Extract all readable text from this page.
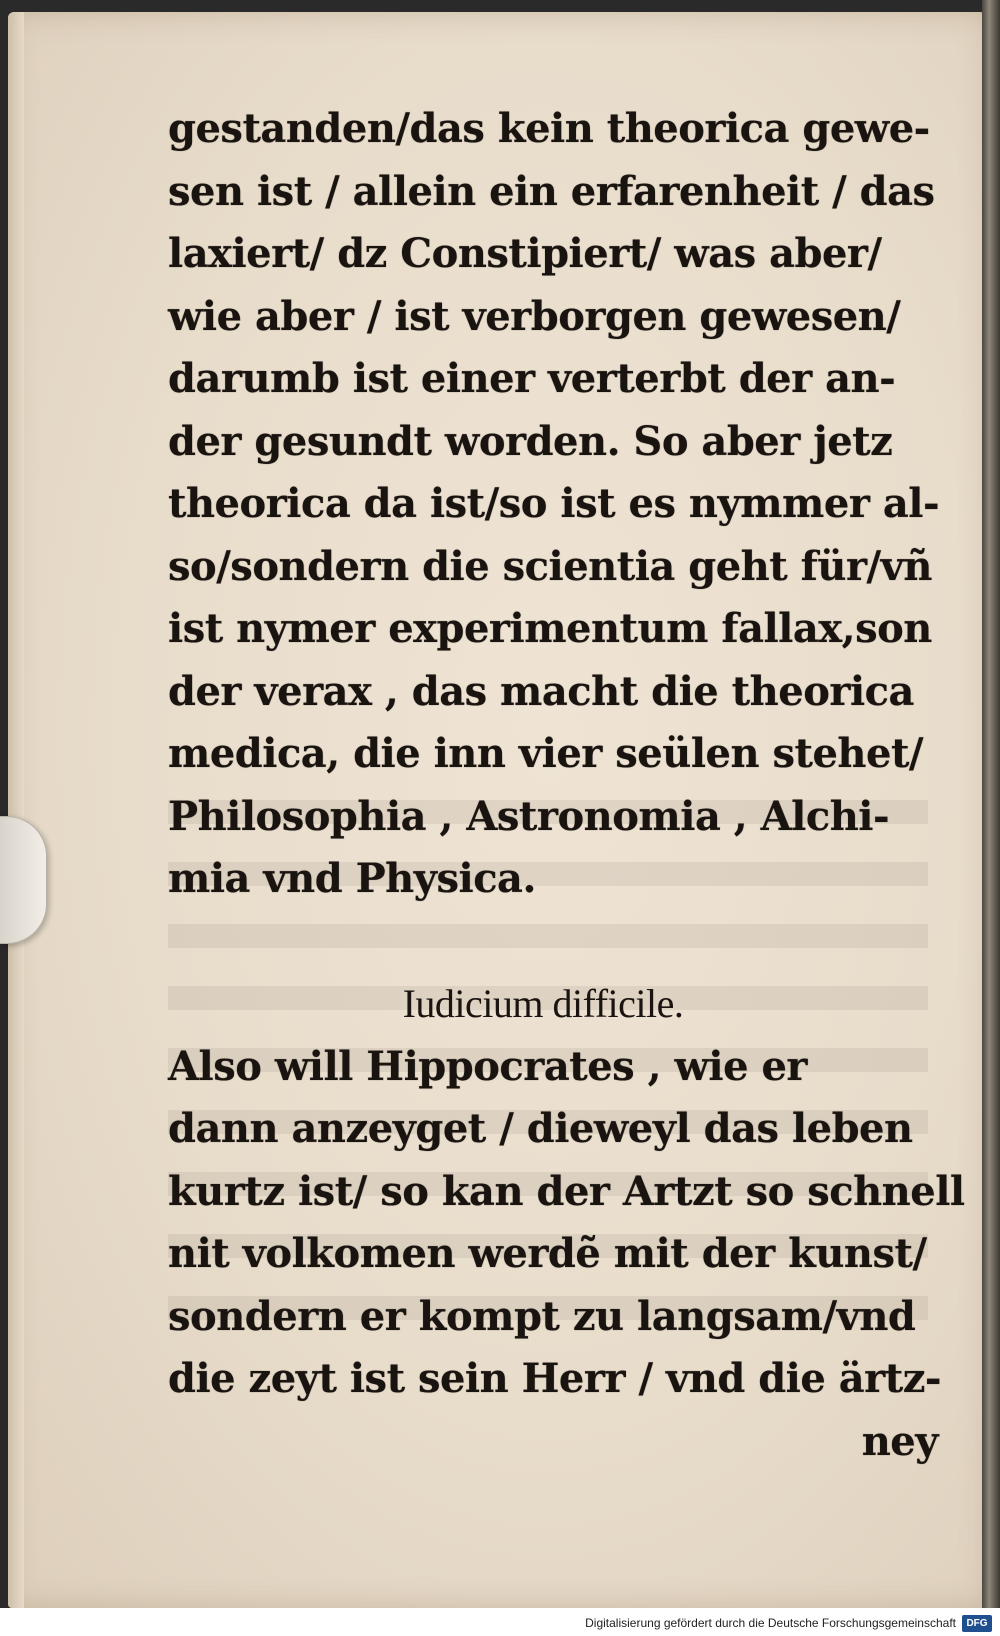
gestanden/das kein theorica gewe-
sen ist / allein ein erfarenheit / das
laxiert/ dz Constipiert/ was aber/
wie aber / ist verborgen gewesen/
darumb ist einer verterbt der an-
der gesundt worden. So aber jetz
theorica da ist/so ist es nymmer al-
so/sondern die scientia geht für/vñ
ist nymer experimentum fallax,son
der verax , das macht die theorica
medica, die inn vier seülen stehet/
Philosophia , Astronomia , Alchi-
mia vnd Physica.
Iudicium difficile.
Also will Hippocrates , wie er
dann anzeyget / dieweyl das leben
kurtz ist/ so kan der Artzt so schnell
nit volkomen werdẽ mit der kunst/
sondern er kompt zu langsam/vnd
die zeyt ist sein Herr / vnd die ärtz-
ney
Digitalisierung gefördert durch die Deutsche Forschungsgemeinschaft	DFG
